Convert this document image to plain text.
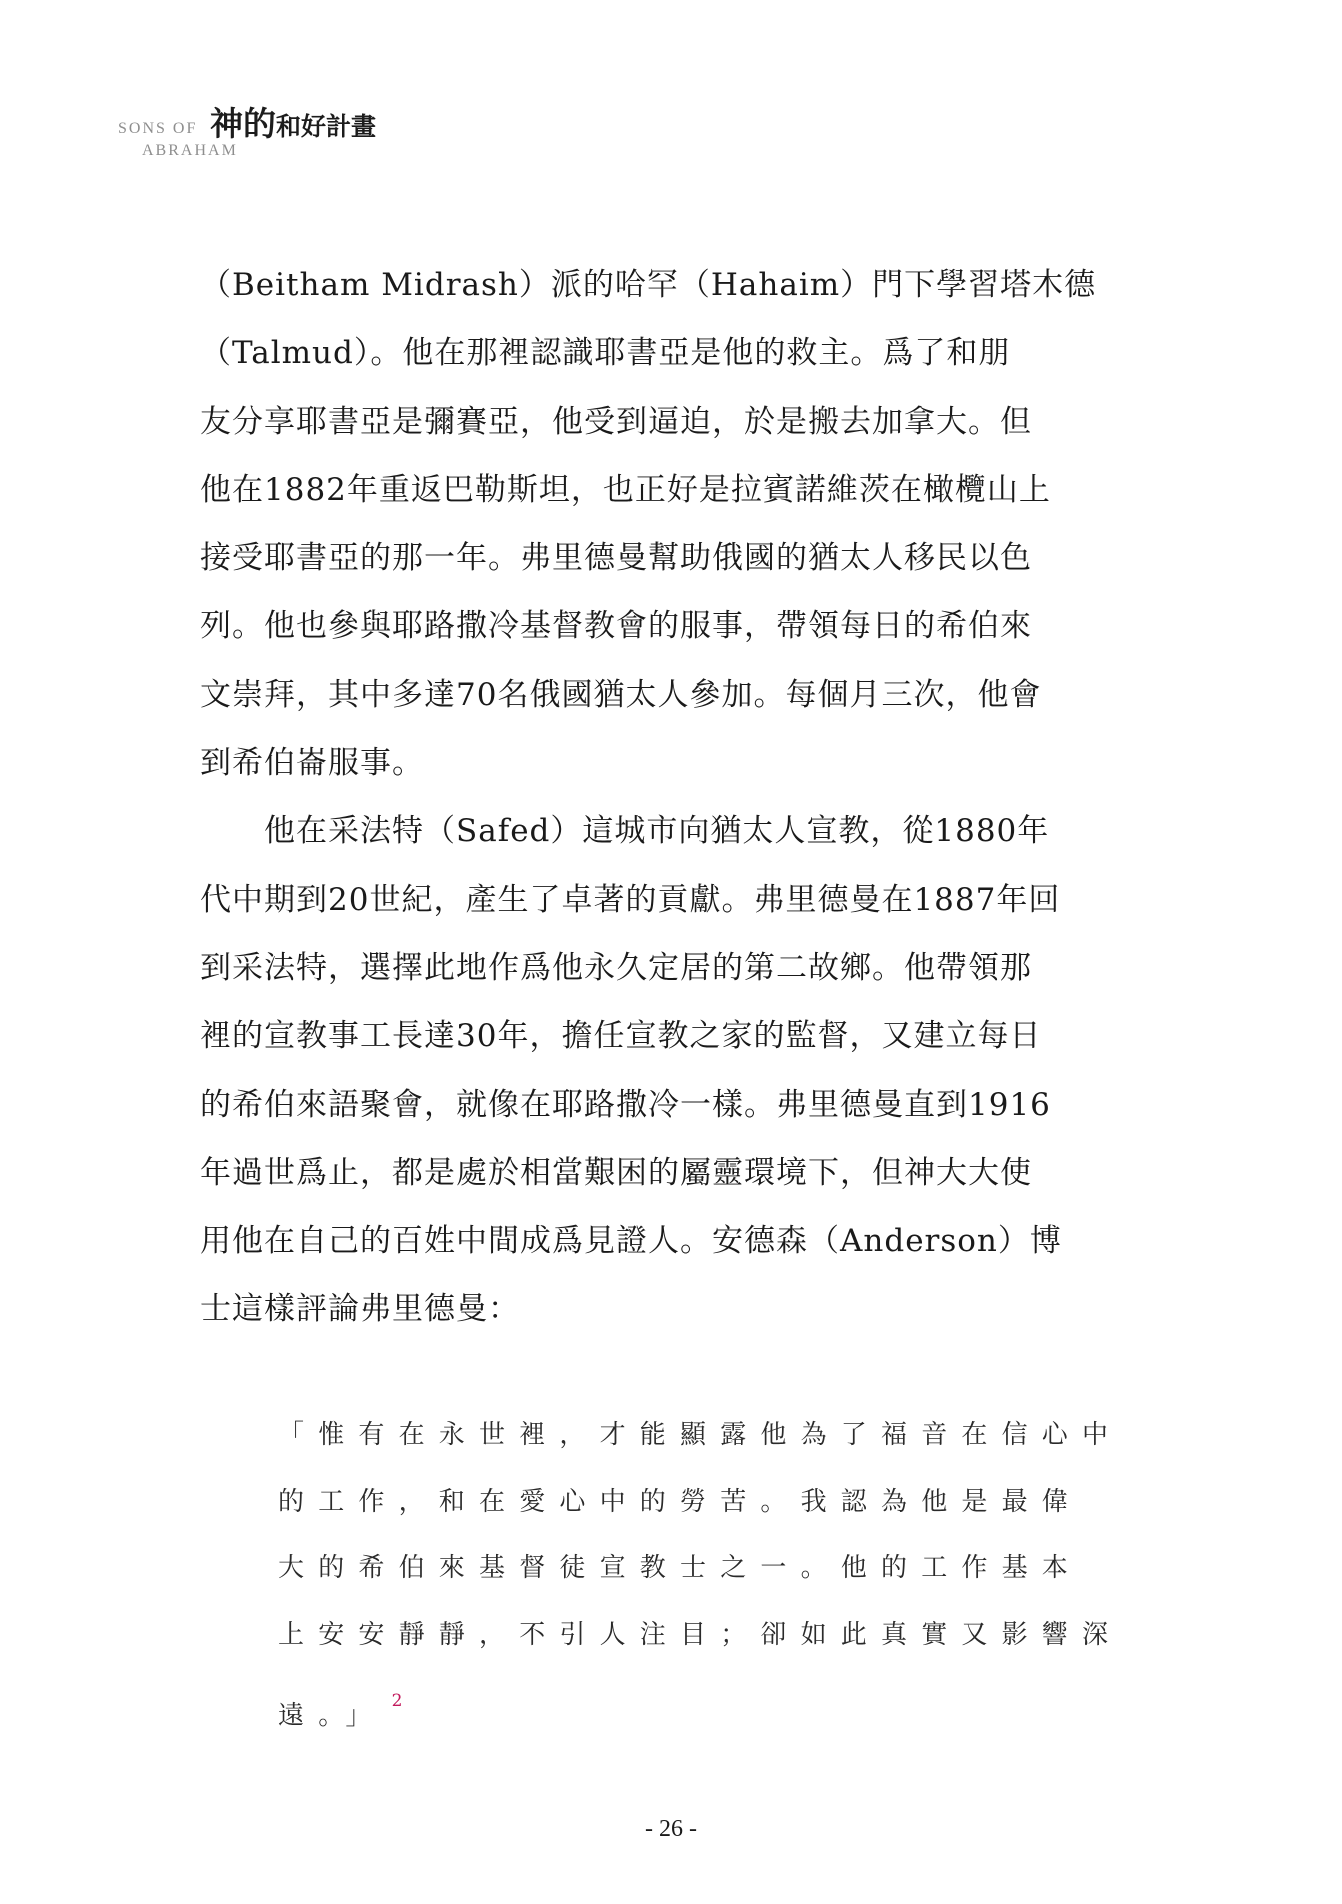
SONS OF
ABRAHAM
神的和好計畫
（Beitham Midrash）派的哈罕（Hahaim）門下學習塔木德
（Talmud）。他在那裡認識耶書亞是他的救主。爲了和朋
友分享耶書亞是彌賽亞，他受到逼迫，於是搬去加拿大。但
他在1882年重返巴勒斯坦，也正好是拉賓諾維茨在橄欖山上
接受耶書亞的那一年。弗里德曼幫助俄國的猶太人移民以色
列。他也參與耶路撒冷基督教會的服事，帶領每日的希伯來
文崇拜，其中多達70名俄國猶太人參加。每個月三次，他會
到希伯崙服事。
　　他在采法特（Safed）這城市向猶太人宣教，從1880年
代中期到20世紀，產生了卓著的貢獻。弗里德曼在1887年回
到采法特，選擇此地作爲他永久定居的第二故鄉。他帶領那
裡的宣教事工長達30年，擔任宣教之家的監督，又建立每日
的希伯來語聚會，就像在耶路撒冷一樣。弗里德曼直到1916
年過世爲止，都是處於相當艱困的屬靈環境下，但神大大使
用他在自己的百姓中間成爲見證人。安德森（Anderson）博
士這樣評論弗里德曼：
「惟有在永世裡，才能顯露他為了福音在信心中
的工作，和在愛心中的勞苦。我認為他是最偉
大的希伯來基督徒宣教士之一。他的工作基本
上安安靜靜，不引人注目；卻如此真實又影響深
遠。」 $^2$
- 26 -
